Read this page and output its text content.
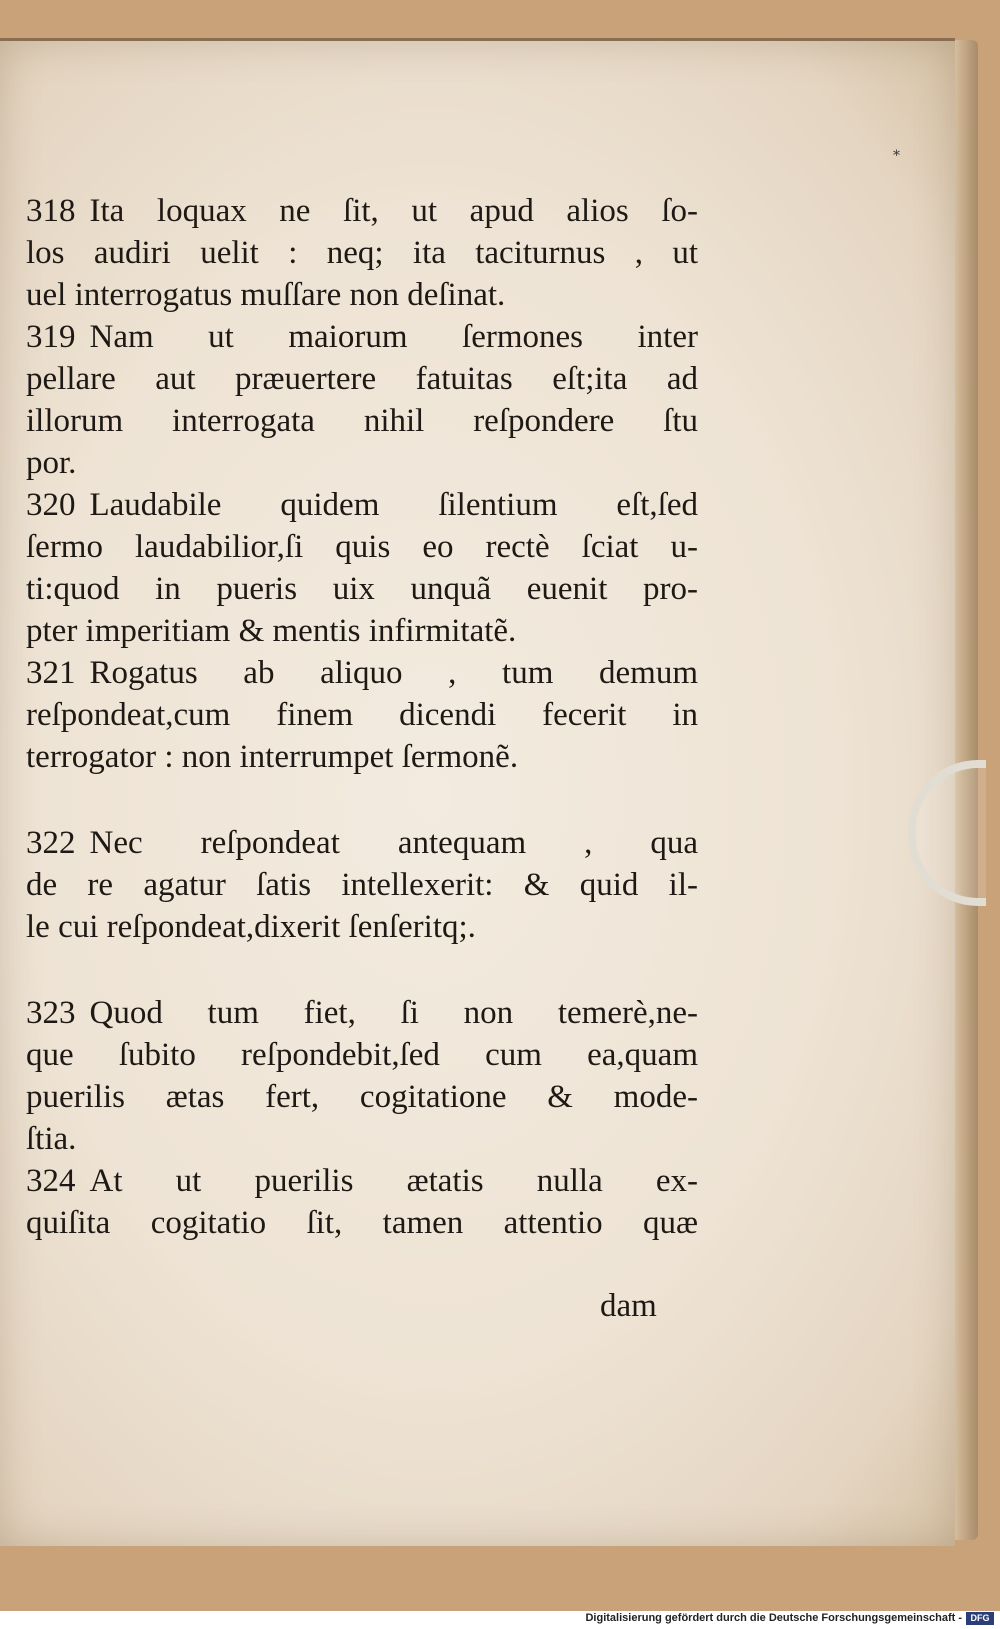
*
318 Ita loquax ne ſit, ut apud alios ſo-
los audiri uelit : neq; ita taciturnus , ut
uel interrogatus muſſare non deſinat.
319 Nam ut maiorum ſermones inter
pellare aut præuertere fatuitas eſt;ita ad
illorum interrogata nihil reſpondere ſtu
por.
320 Laudabile quidem ſilentium eſt,ſed
ſermo laudabilior,ſi quis eo rectè ſciat u-
ti:quod in pueris uix unquã euenit pro-
pter imperitiam & mentis infirmitatẽ.
321 Rogatus ab aliquo , tum demum
reſpondeat,cum finem dicendi fecerit in
terrogator : non interrumpet ſermonẽ.
322 Nec reſpondeat antequam , qua
de re agatur ſatis intellexerit: & quid il-
le cui reſpondeat,dixerit ſenſeritq;.
323 Quod tum fiet, ſi non temerè,ne-
que ſubito reſpondebit,ſed cum ea,quam
puerilis ætas fert, cogitatione & mode-
ſtia.
324 At ut puerilis ætatis nulla ex-
quiſita cogitatio ſit, tamen attentio quæ
dam
Digitalisierung gefördert durch die Deutsche Forschungsgemeinschaft - DFG
